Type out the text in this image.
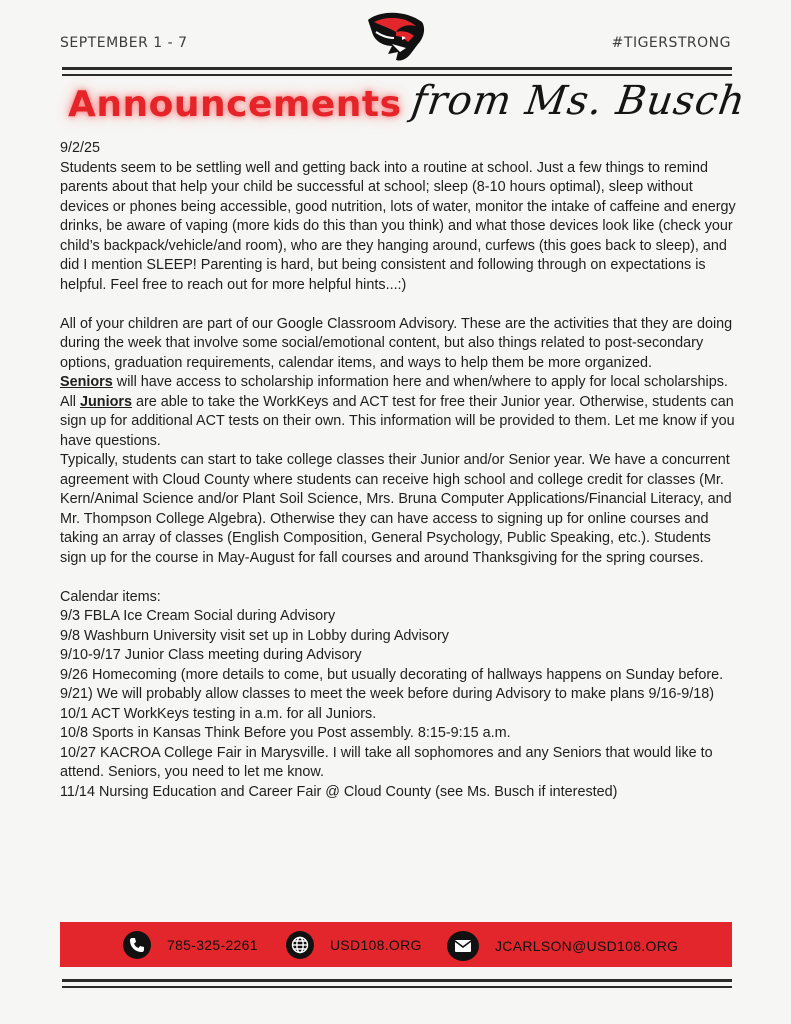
SEPTEMBER 1 - 7	#TIGERSTRONG
Announcements from Ms. Busch

9/2/25

Students seem to be settling well and getting back into a routine at school. Just a few things to remind parents about that help your child be successful at school; sleep (8-10 hours optimal), sleep without devices or phones being accessible, good nutrition, lots of water, monitor the intake of caffeine and energy drinks, be aware of vaping (more kids do this than you think) and what those devices look like (check your child’s backpack/vehicle/and room), who are they hanging around, curfews (this goes back to sleep), and did I mention SLEEP! Parenting is hard, but being consistent and following through on expectations is helpful. Feel free to reach out for more helpful hints...:)

All of your children are part of our Google Classroom Advisory. These are the activities that they are doing during the week that involve some social/emotional content, but also things related to post-secondary options, graduation requirements, calendar items, and ways to help them be more organized.

Seniors will have access to scholarship information here and when/where to apply for local scholarships.

All Juniors are able to take the WorkKeys and ACT test for free their Junior year. Otherwise, students can sign up for additional ACT tests on their own. This information will be provided to them. Let me know if you have questions.

Typically, students can start to take college classes their Junior and/or Senior year. We have a concurrent agreement with Cloud County where students can receive high school and college credit for classes (Mr. Kern/Animal Science and/or Plant Soil Science, Mrs. Bruna Computer Applications/Financial Literacy, and Mr. Thompson College Algebra). Otherwise they can have access to signing up for online courses and taking an array of classes (English Composition, General Psychology, Public Speaking, etc.). Students sign up for the course in May-August for fall courses and around Thanksgiving for the spring courses.

Calendar items:

9/3 FBLA Ice Cream Social during Advisory

9/8 Washburn University visit set up in Lobby during Advisory

9/10-9/17 Junior Class meeting during Advisory

9/26 Homecoming (more details to come, but usually decorating of hallways happens on Sunday before. 9/21) We will probably allow classes to meet the week before during Advisory to make plans 9/16-9/18)

10/1 ACT WorkKeys testing in a.m. for all Juniors.

10/8 Sports in Kansas Think Before you Post assembly. 8:15-9:15 a.m.

10/27 KACROA College Fair in Marysville. I will take all sophomores and any Seniors that would like to attend. Seniors, you need to let me know.

11/14 Nursing Education and Career Fair @ Cloud County (see Ms. Busch if interested)

785-325-2261	USD108.ORG	JCARLSON@USD108.ORG
